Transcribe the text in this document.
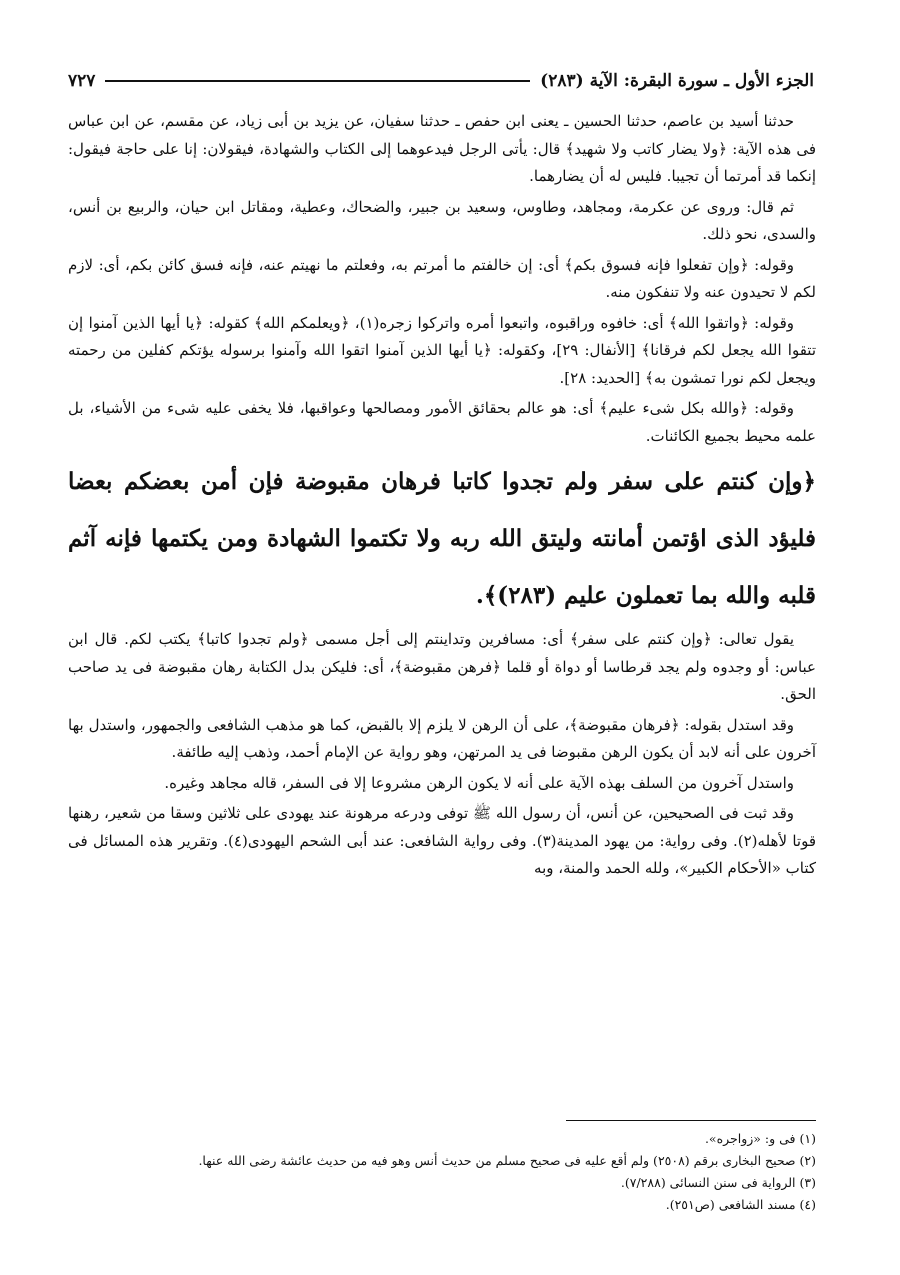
الجزء الأول ـ سورة البقرة: الآية (٢٨٣)
٧٢٧

حدثنا أسيد بن عاصم، حدثنا الحسين ـ يعنى ابن حفص ـ حدثنا سفيان، عن يزيد بن أبى زياد، عن مقسم، عن ابن عباس فى هذه الآية: ﴿ولا يضار كاتب ولا شهيد﴾ قال: يأتى الرجل فيدعوهما إلى الكتاب والشهادة، فيقولان: إنا على حاجة فيقول: إنكما قد أمرتما أن تجيبا. فليس له أن يضارهما.

ثم قال: وروى عن عكرمة، ومجاهد، وطاوس، وسعيد بن جبير، والضحاك، وعطية، ومقاتل ابن حيان، والربيع بن أنس، والسدى، نحو ذلك.

وقوله: ﴿وإن تفعلوا فإنه فسوق بكم﴾ أى: إن خالفتم ما أمرتم به، وفعلتم ما نهيتم عنه، فإنه فسق كائن بكم، أى: لازم لكم لا تحيدون عنه ولا تنفكون منه.

وقوله: ﴿واتقوا الله﴾ أى: خافوه وراقبوه، واتبعوا أمره واتركوا زجره(١)، ﴿ويعلمكم الله﴾ كقوله: ﴿يا أيها الذين آمنوا إن تتقوا الله يجعل لكم فرقانا﴾ [الأنفال: ٢٩]، وكقوله: ﴿يا أيها الذين آمنوا اتقوا الله وآمنوا برسوله يؤتكم كفلين من رحمته ويجعل لكم نورا تمشون به﴾ [الحديد: ٢٨].

وقوله: ﴿والله بكل شىء عليم﴾ أى: هو عالم بحقائق الأمور ومصالحها وعواقبها، فلا يخفى عليه شىء من الأشياء، بل علمه محيط بجميع الكائنات.

﴿وإن كنتم على سفر ولم تجدوا كاتبا فرهان مقبوضة فإن أمن بعضكم بعضا فليؤد الذى اؤتمن أمانته وليتق الله ربه ولا تكتموا الشهادة ومن يكتمها فإنه آثم قلبه والله بما تعملون عليم (٢٨٣)﴾.

يقول تعالى: ﴿وإن كنتم على سفر﴾ أى: مسافرين وتداينتم إلى أجل مسمى ﴿ولم تجدوا كاتبا﴾ يكتب لكم. قال ابن عباس: أو وجدوه ولم يجد قرطاسا أو دواة أو قلما ﴿فرهن مقبوضة﴾، أى: فليكن بدل الكتابة رهان مقبوضة فى يد صاحب الحق.

وقد استدل بقوله: ﴿فرهان مقبوضة﴾، على أن الرهن لا يلزم إلا بالقبض، كما هو مذهب الشافعى والجمهور، واستدل بها آخرون على أنه لابد أن يكون الرهن مقبوضا فى يد المرتهن، وهو رواية عن الإمام أحمد، وذهب إليه طائفة.

واستدل آخرون من السلف بهذه الآية على أنه لا يكون الرهن مشروعا إلا فى السفر، قاله مجاهد وغيره.

وقد ثبت فى الصحيحين، عن أنس، أن رسول الله ﷺ توفى ودرعه مرهونة عند يهودى على ثلاثين وسقا من شعير، رهنها قوتا لأهله(٢). وفى رواية: من يهود المدينة(٣). وفى رواية الشافعى: عند أبى الشحم اليهودى(٤). وتقرير هذه المسائل فى كتاب «الأحكام الكبير»، ولله الحمد والمنة، وبه

(١) فى و: «زواجره».

(٢) صحيح البخارى برقم (٢٥٠٨) ولم أقع عليه فى صحيح مسلم من حديث أنس وهو فيه من حديث عائشة رضى الله عنها.

(٣) الرواية فى سنن النسائى (٧/٢٨٨).

(٤) مسند الشافعى (ص٢٥١).
